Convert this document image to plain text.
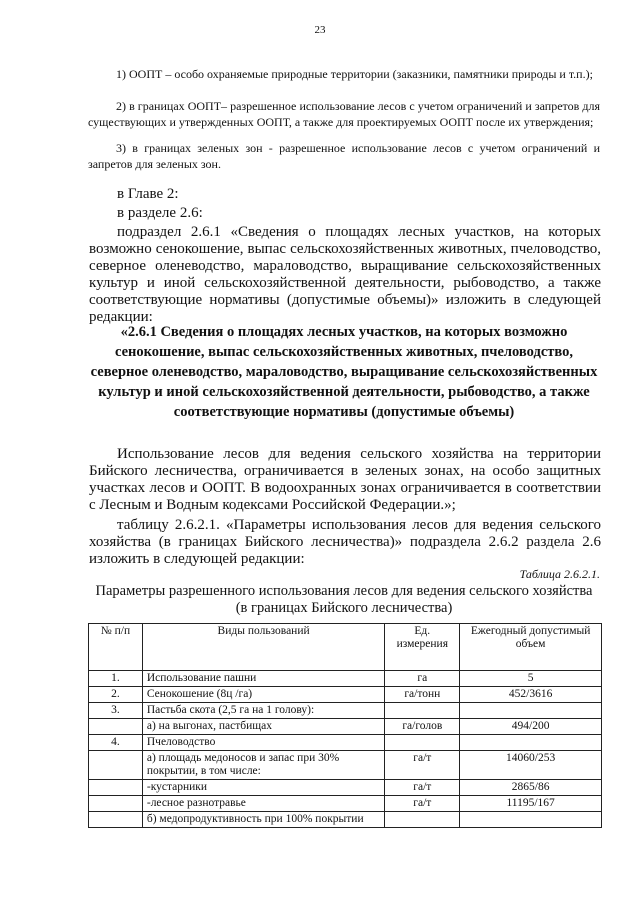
23
1) ООПТ – особо охраняемые природные территории (заказники, памятники природы и т.п.);
2) в границах ООПТ– разрешенное использование лесов с учетом ограничений и запретов для существующих и утвержденных ООПТ, а также для проектируемых ООПТ после их утверждения;
3) в границах зеленых зон - разрешенное использование лесов с учетом ограничений и запретов для зеленых зон.
в Главе 2:
в разделе 2.6:
подраздел 2.6.1 «Сведения о площадях лесных участков, на которых возможно сенокошение, выпас сельскохозяйственных животных, пчеловодство, северное оленеводство, мараловодство, выращивание сельскохозяйственных культур и иной сельскохозяйственной деятельности, рыбоводство, а также соответствующие нормативы (допустимые объемы)» изложить в следующей редакции:
«2.6.1 Сведения о площадях лесных участков, на которых возможно сенокошение, выпас сельскохозяйственных животных, пчеловодство, северное оленеводство, мараловодство, выращивание сельскохозяйственных культур и иной сельскохозяйственной деятельности, рыбоводство, а также соответствующие нормативы (допустимые объемы)
Использование лесов для ведения сельского хозяйства на территории Бийского лесничества, ограничивается в зеленых зонах, на особо защитных участках лесов и ООПТ. В водоохранных зонах ограничивается в соответствии с Лесным и Водным кодексами Российской Федерации.»;
таблицу 2.6.2.1. «Параметры использования лесов для ведения сельского хозяйства (в границах Бийского лесничества)» подраздела 2.6.2 раздела 2.6 изложить в следующей редакции:
Таблица 2.6.2.1.
Параметры разрешенного использования лесов для ведения сельского хозяйства (в границах Бийского лесничества)
№ п/п	Виды пользований	Ед. измерения	Ежегодный допустимый объем
1.	Использование пашни	га	5
2.	Сенокошение (8ц /га)	га/тонн	452/3616
3.	Пастьба скота (2,5 га на 1 голову):		
	а) на выгонах, пастбищах	га/голов	494/200
4.	Пчеловодство		
	а) площадь медоносов и запас при 30% покрытии, в том числе:	га/т	14060/253
	-кустарники	га/т	2865/86
	-лесное разнотравье	га/т	11195/167
	б) медопродуктивность при 100% покрытии		
